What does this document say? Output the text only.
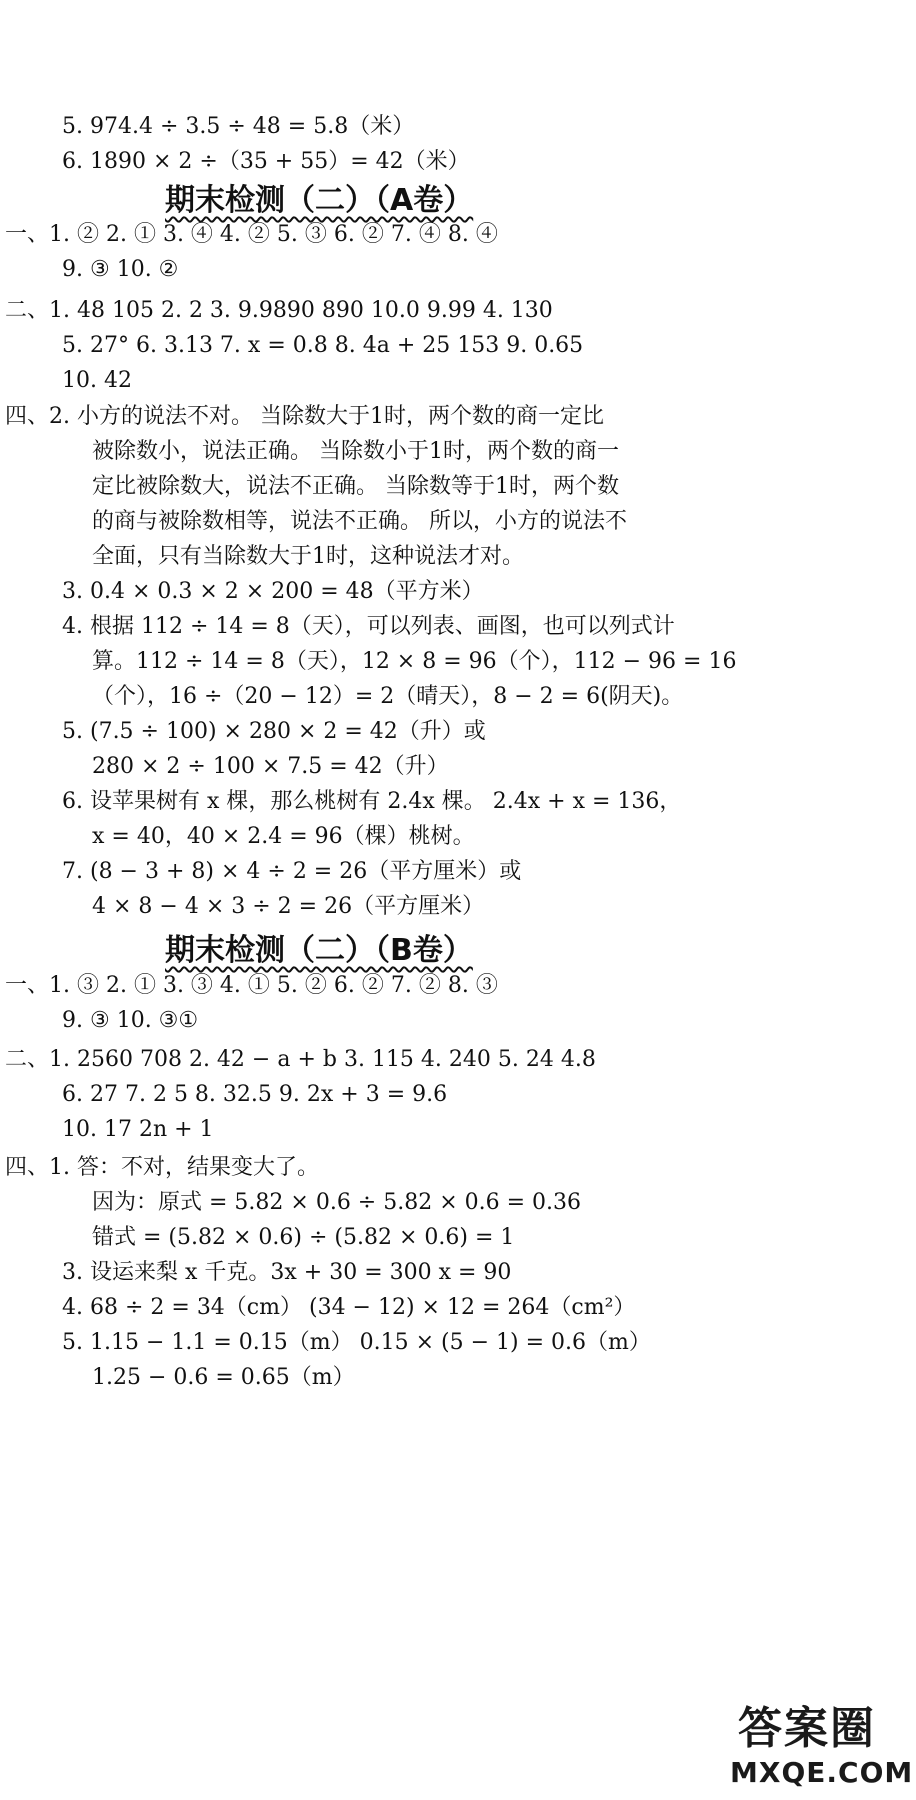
5. 974.4 ÷ 3.5 ÷ 48 = 5.8（米）
6. 1890 × 2 ÷（35 + 55）= 42（米）
期末检测（二）（A卷）
一、1. ② 2. ① 3. ④ 4. ② 5. ③ 6. ② 7. ④ 8. ④
9. ③ 10. ②
二、1. 48 105 2. 2 3. 9.9890 890 10.0 9.99 4. 130
5. 27° 6. 3.13 7. x = 0.8 8. 4a + 25 153 9. 0.65
10. 42
四、2. 小方的说法不对。 当除数大于1时，两个数的商一定比
被除数小，说法正确。 当除数小于1时，两个数的商一
定比被除数大，说法不正确。 当除数等于1时，两个数
的商与被除数相等，说法不正确。 所以，小方的说法不
全面，只有当除数大于1时，这种说法才对。
3. 0.4 × 0.3 × 2 × 200 = 48（平方米）
4. 根据 112 ÷ 14 = 8（天），可以列表、画图，也可以列式计
算。112 ÷ 14 = 8（天），12 × 8 = 96（个），112 − 96 = 16
（个），16 ÷（20 − 12）= 2（晴天），8 − 2 = 6(阴天)。
5. (7.5 ÷ 100) × 280 × 2 = 42（升）或
280 × 2 ÷ 100 × 7.5 = 42（升）
6. 设苹果树有 x 棵，那么桃树有 2.4x 棵。 2.4x + x = 136，
x = 40，40 × 2.4 = 96（棵）桃树。
7. (8 − 3 + 8) × 4 ÷ 2 = 26（平方厘米）或
4 × 8 − 4 × 3 ÷ 2 = 26（平方厘米）
期末检测（二）（B卷）
一、1. ③ 2. ① 3. ③ 4. ① 5. ② 6. ② 7. ② 8. ③
9. ③ 10. ③①
二、1. 2560 708 2. 42 − a + b 3. 115 4. 240 5. 24 4.8
6. 27 7. 2 5 8. 32.5 9. 2x + 3 = 9.6
10. 17 2n + 1
四、1. 答：不对，结果变大了。
因为：原式 = 5.82 × 0.6 ÷ 5.82 × 0.6 = 0.36
错式 = (5.82 × 0.6) ÷ (5.82 × 0.6) = 1
3. 设运来梨 x 千克。3x + 30 = 300 x = 90
4. 68 ÷ 2 = 34（cm） (34 − 12) × 12 = 264（cm²）
5. 1.15 − 1.1 = 0.15（m） 0.15 × (5 − 1) = 0.6（m）
1.25 − 0.6 = 0.65（m）
答案圈
MXQE.COM
